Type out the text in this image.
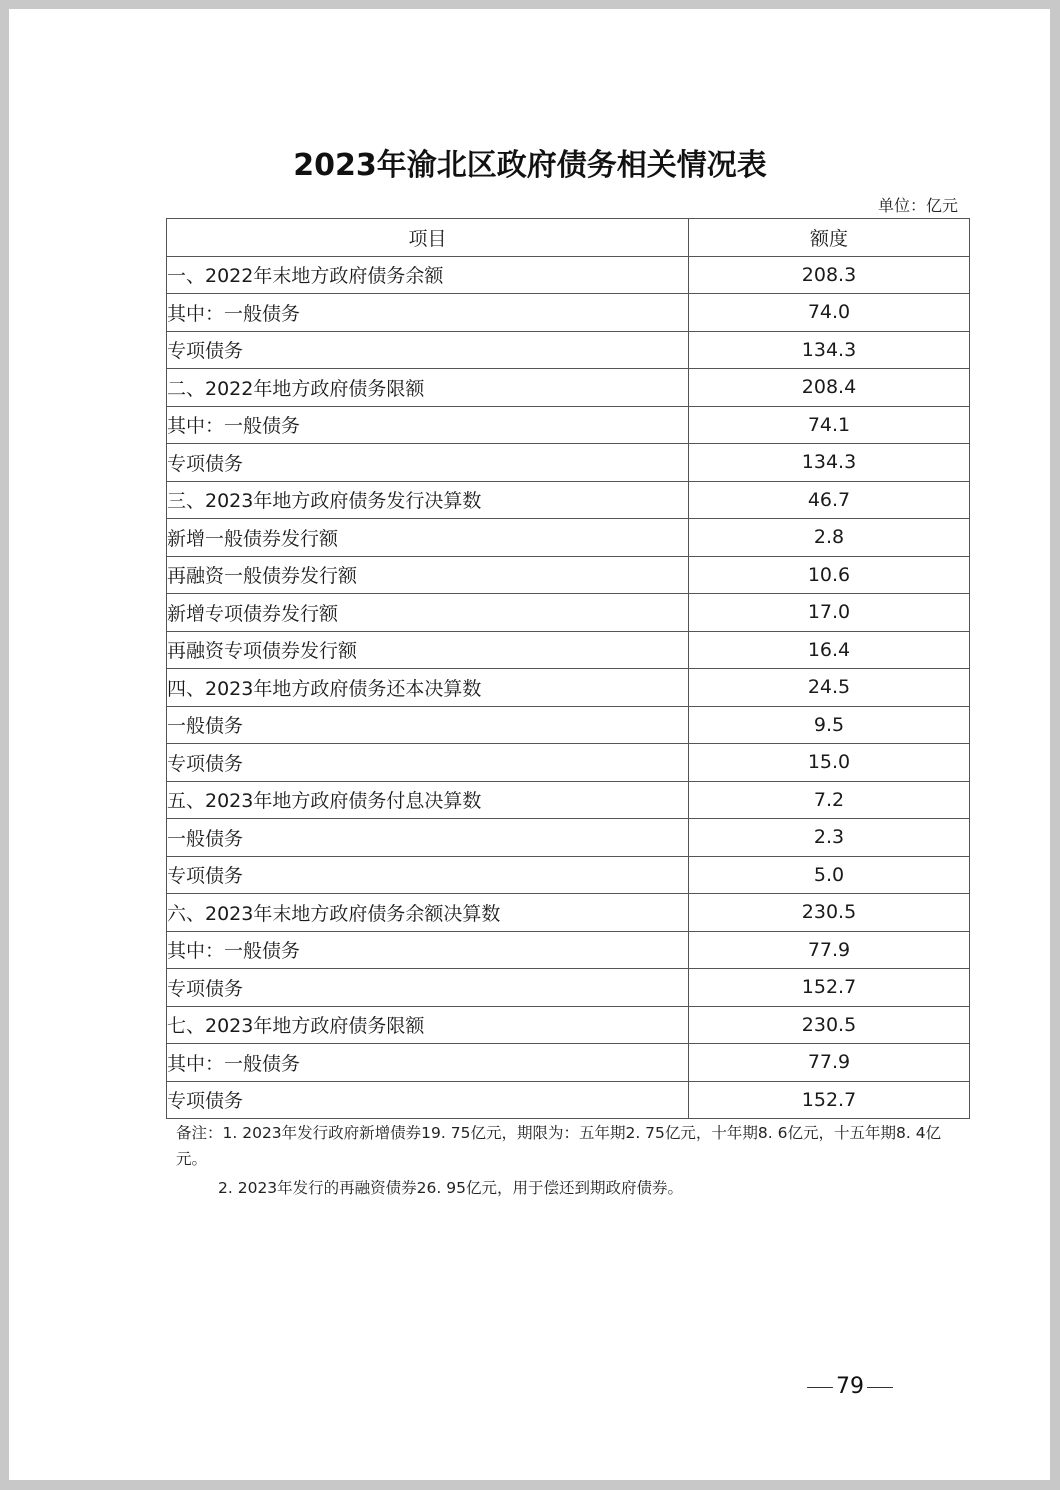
2023年渝北区政府债务相关情况表
单位：亿元
项目	额度
一、2022年末地方政府债务余额	208.3
其中：一般债务	74.0
专项债务	134.3
二、2022年地方政府债务限额	208.4
其中：一般债务	74.1
专项债务	134.3
三、2023年地方政府债务发行决算数	46.7
新增一般债券发行额	2.8
再融资一般债券发行额	10.6
新增专项债券发行额	17.0
再融资专项债券发行额	16.4
四、2023年地方政府债务还本决算数	24.5
一般债务	9.5
专项债务	15.0
五、2023年地方政府债务付息决算数	7.2
一般债务	2.3
专项债务	5.0
六、2023年末地方政府债务余额决算数	230.5
其中：一般债务	77.9
专项债务	152.7
七、2023年地方政府债务限额	230.5
其中：一般债务	77.9
专项债务	152.7
备注：1. 2023年发行政府新增债券19. 75亿元，期限为：五年期2. 75亿元，十年期8. 6亿元，十五年期8. 4亿元。
2. 2023年发行的再融资债券26. 95亿元，用于偿还到期政府债券。
79
